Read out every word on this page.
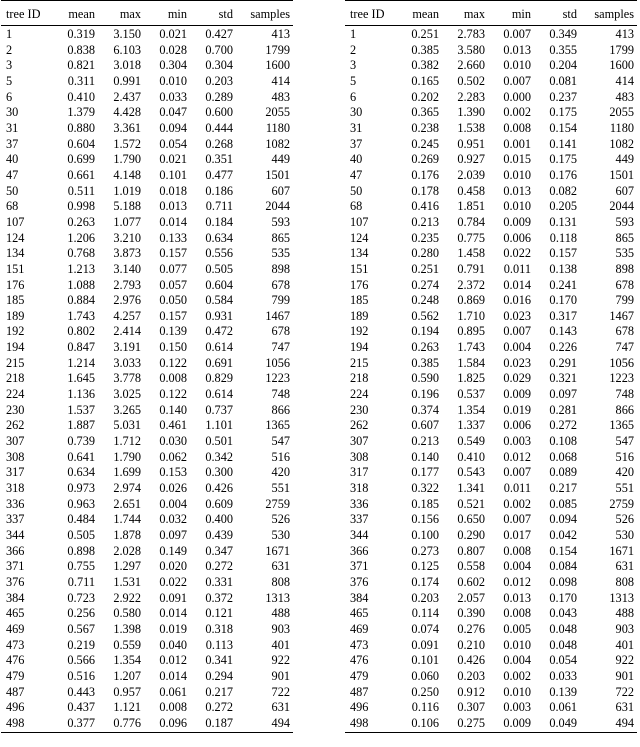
tree ID	mean	max	min	std	samples
1	0.319	3.150	0.021	0.427	413
2	0.838	6.103	0.028	0.700	1799
3	0.821	3.018	0.304	0.304	1600
5	0.311	0.991	0.010	0.203	414
6	0.410	2.437	0.033	0.289	483
30	1.379	4.428	0.047	0.600	2055
31	0.880	3.361	0.094	0.444	1180
37	0.604	1.572	0.054	0.268	1082
40	0.699	1.790	0.021	0.351	449
47	0.661	4.148	0.101	0.477	1501
50	0.511	1.019	0.018	0.186	607
68	0.998	5.188	0.013	0.711	2044
107	0.263	1.077	0.014	0.184	593
124	1.206	3.210	0.133	0.634	865
134	0.768	3.873	0.157	0.556	535
151	1.213	3.140	0.077	0.505	898
176	1.088	2.793	0.057	0.604	678
185	0.884	2.976	0.050	0.584	799
189	1.743	4.257	0.157	0.931	1467
192	0.802	2.414	0.139	0.472	678
194	0.847	3.191	0.150	0.614	747
215	1.214	3.033	0.122	0.691	1056
218	1.645	3.778	0.008	0.829	1223
224	1.136	3.025	0.122	0.614	748
230	1.537	3.265	0.140	0.737	866
262	1.887	5.031	0.461	1.101	1365
307	0.739	1.712	0.030	0.501	547
308	0.641	1.790	0.062	0.342	516
317	0.634	1.699	0.153	0.300	420
318	0.973	2.974	0.026	0.426	551
336	0.963	2.651	0.004	0.609	2759
337	0.484	1.744	0.032	0.400	526
344	0.505	1.878	0.097	0.439	530
366	0.898	2.028	0.149	0.347	1671
371	0.755	1.297	0.020	0.272	631
376	0.711	1.531	0.022	0.331	808
384	0.723	2.922	0.091	0.372	1313
465	0.256	0.580	0.014	0.121	488
469	0.567	1.398	0.019	0.318	903
473	0.219	0.559	0.040	0.113	401
476	0.566	1.354	0.012	0.341	922
479	0.516	1.207	0.014	0.294	901
487	0.443	0.957	0.061	0.217	722
496	0.437	1.121	0.008	0.272	631
498	0.377	0.776	0.096	0.187	494
tree ID	mean	max	min	std	samples
1	0.251	2.783	0.007	0.349	413
2	0.385	3.580	0.013	0.355	1799
3	0.382	2.660	0.010	0.204	1600
5	0.165	0.502	0.007	0.081	414
6	0.202	2.283	0.000	0.237	483
30	0.365	1.390	0.002	0.175	2055
31	0.238	1.538	0.008	0.154	1180
37	0.245	0.951	0.001	0.141	1082
40	0.269	0.927	0.015	0.175	449
47	0.176	2.039	0.010	0.176	1501
50	0.178	0.458	0.013	0.082	607
68	0.416	1.851	0.010	0.205	2044
107	0.213	0.784	0.009	0.131	593
124	0.235	0.775	0.006	0.118	865
134	0.280	1.458	0.022	0.157	535
151	0.251	0.791	0.011	0.138	898
176	0.274	2.372	0.014	0.241	678
185	0.248	0.869	0.016	0.170	799
189	0.562	1.710	0.023	0.317	1467
192	0.194	0.895	0.007	0.143	678
194	0.263	1.743	0.004	0.226	747
215	0.385	1.584	0.023	0.291	1056
218	0.590	1.825	0.029	0.321	1223
224	0.196	0.537	0.009	0.097	748
230	0.374	1.354	0.019	0.281	866
262	0.607	1.337	0.006	0.272	1365
307	0.213	0.549	0.003	0.108	547
308	0.140	0.410	0.012	0.068	516
317	0.177	0.543	0.007	0.089	420
318	0.322	1.341	0.011	0.217	551
336	0.185	0.521	0.002	0.085	2759
337	0.156	0.650	0.007	0.094	526
344	0.100	0.290	0.017	0.042	530
366	0.273	0.807	0.008	0.154	1671
371	0.125	0.558	0.004	0.084	631
376	0.174	0.602	0.012	0.098	808
384	0.203	2.057	0.013	0.170	1313
465	0.114	0.390	0.008	0.043	488
469	0.074	0.276	0.005	0.048	903
473	0.091	0.210	0.010	0.048	401
476	0.101	0.426	0.004	0.054	922
479	0.060	0.203	0.002	0.033	901
487	0.250	0.912	0.010	0.139	722
496	0.116	0.307	0.003	0.061	631
498	0.106	0.275	0.009	0.049	494
